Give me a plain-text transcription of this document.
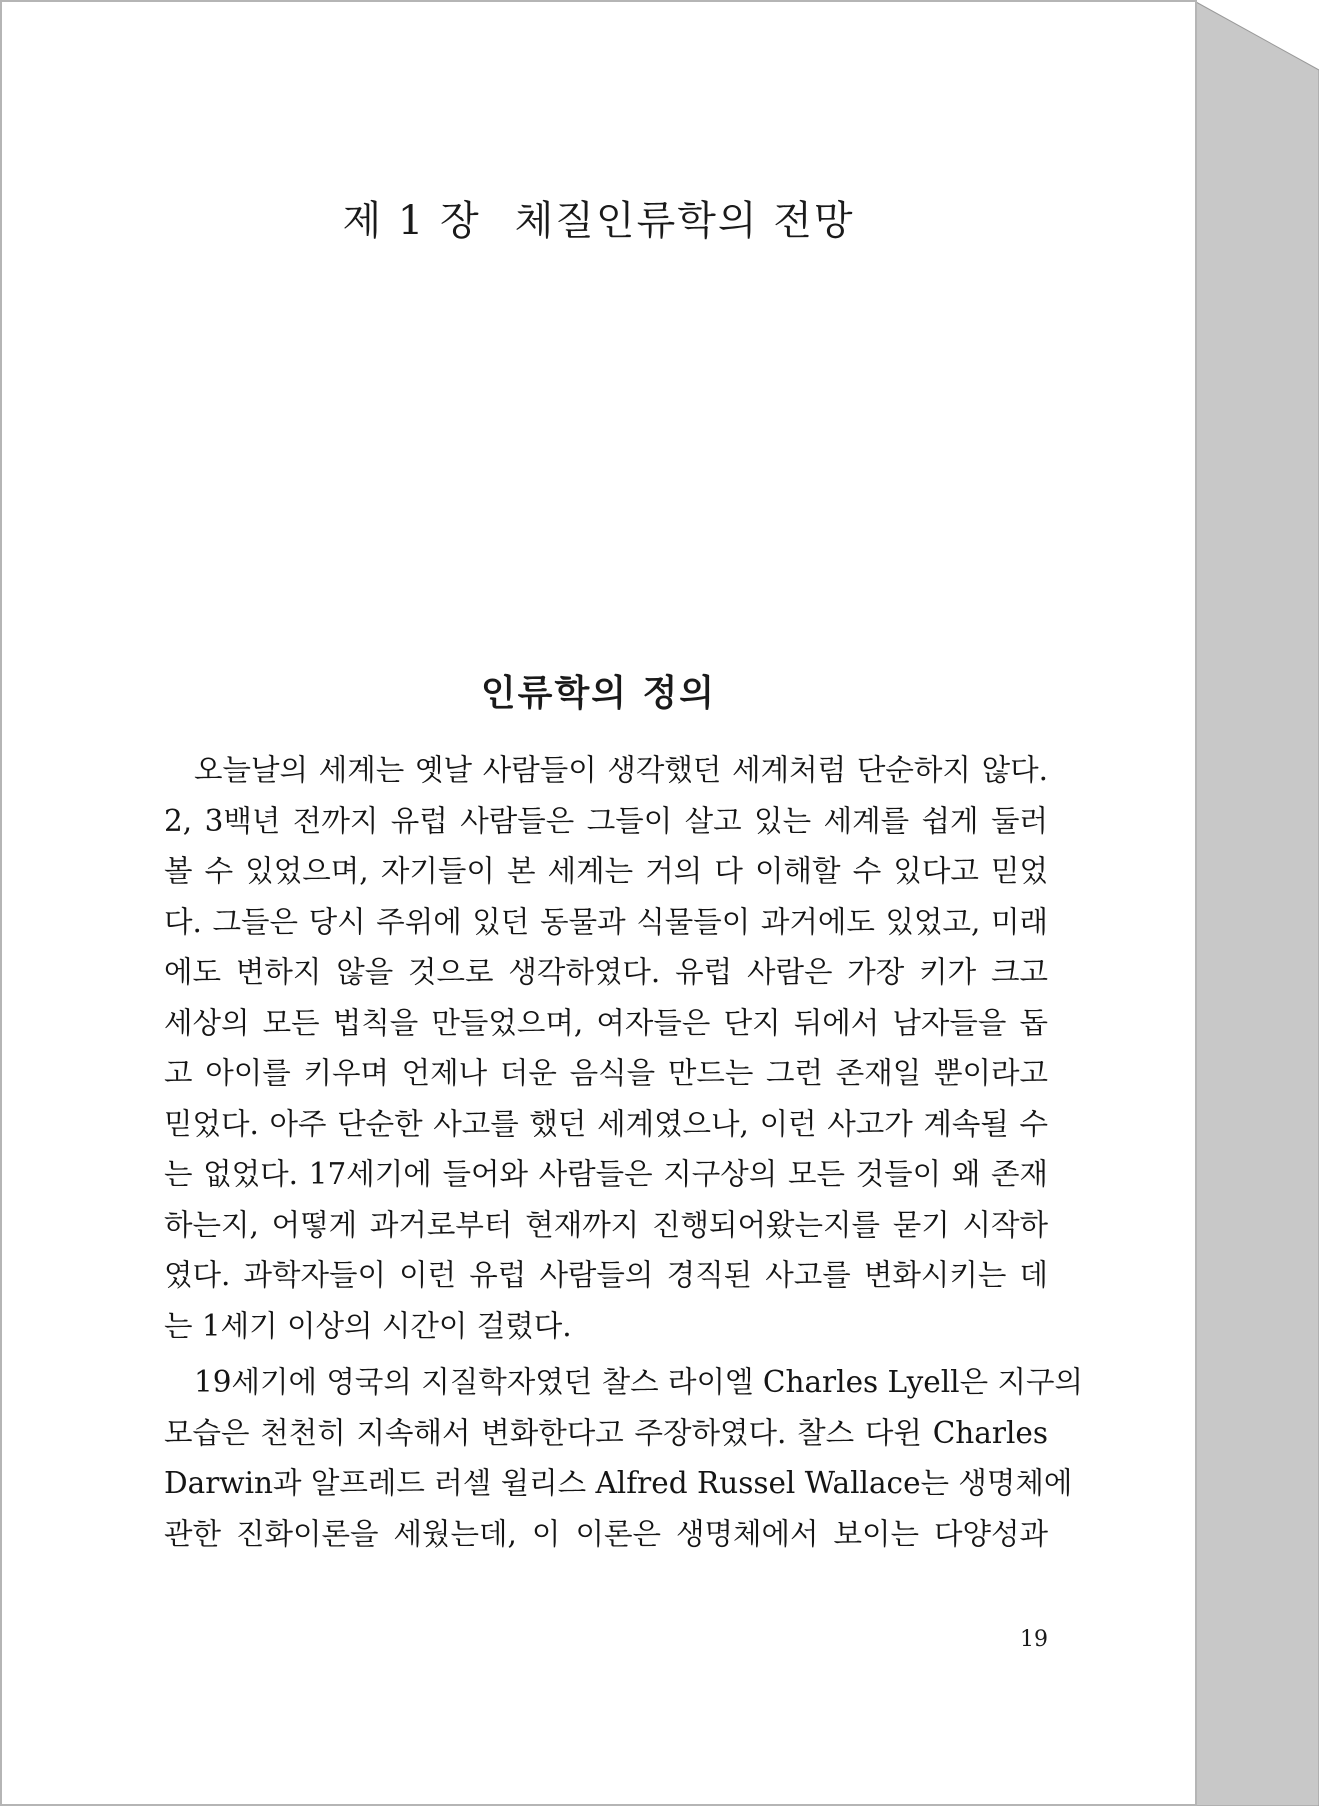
제 1 장 체질인류학의 전망
인류학의 정의
오늘날의 세계는 옛날 사람들이 생각했던 세계처럼 단순하지 않다.
2, 3백년 전까지 유럽 사람들은 그들이 살고 있는 세계를 쉽게 둘러
볼 수 있었으며, 자기들이 본 세계는 거의 다 이해할 수 있다고 믿었
다. 그들은 당시 주위에 있던 동물과 식물들이 과거에도 있었고, 미래
에도 변하지 않을 것으로 생각하였다. 유럽 사람은 가장 키가 크고
세상의 모든 법칙을 만들었으며, 여자들은 단지 뒤에서 남자들을 돕
고 아이를 키우며 언제나 더운 음식을 만드는 그런 존재일 뿐이라고
믿었다. 아주 단순한 사고를 했던 세계였으나, 이런 사고가 계속될 수
는 없었다. 17세기에 들어와 사람들은 지구상의 모든 것들이 왜 존재
하는지, 어떻게 과거로부터 현재까지 진행되어왔는지를 묻기 시작하
였다. 과학자들이 이런 유럽 사람들의 경직된 사고를 변화시키는 데
는 1세기 이상의 시간이 걸렸다.
19세기에 영국의 지질학자였던 찰스 라이엘 Charles Lyell은 지구의
모습은 천천히 지속해서 변화한다고 주장하였다. 찰스 다윈 Charles
Darwin과 알프레드 러셀 윌리스 Alfred Russel Wallace는 생명체에
관한 진화이론을 세웠는데, 이 이론은 생명체에서 보이는 다양성과
19
